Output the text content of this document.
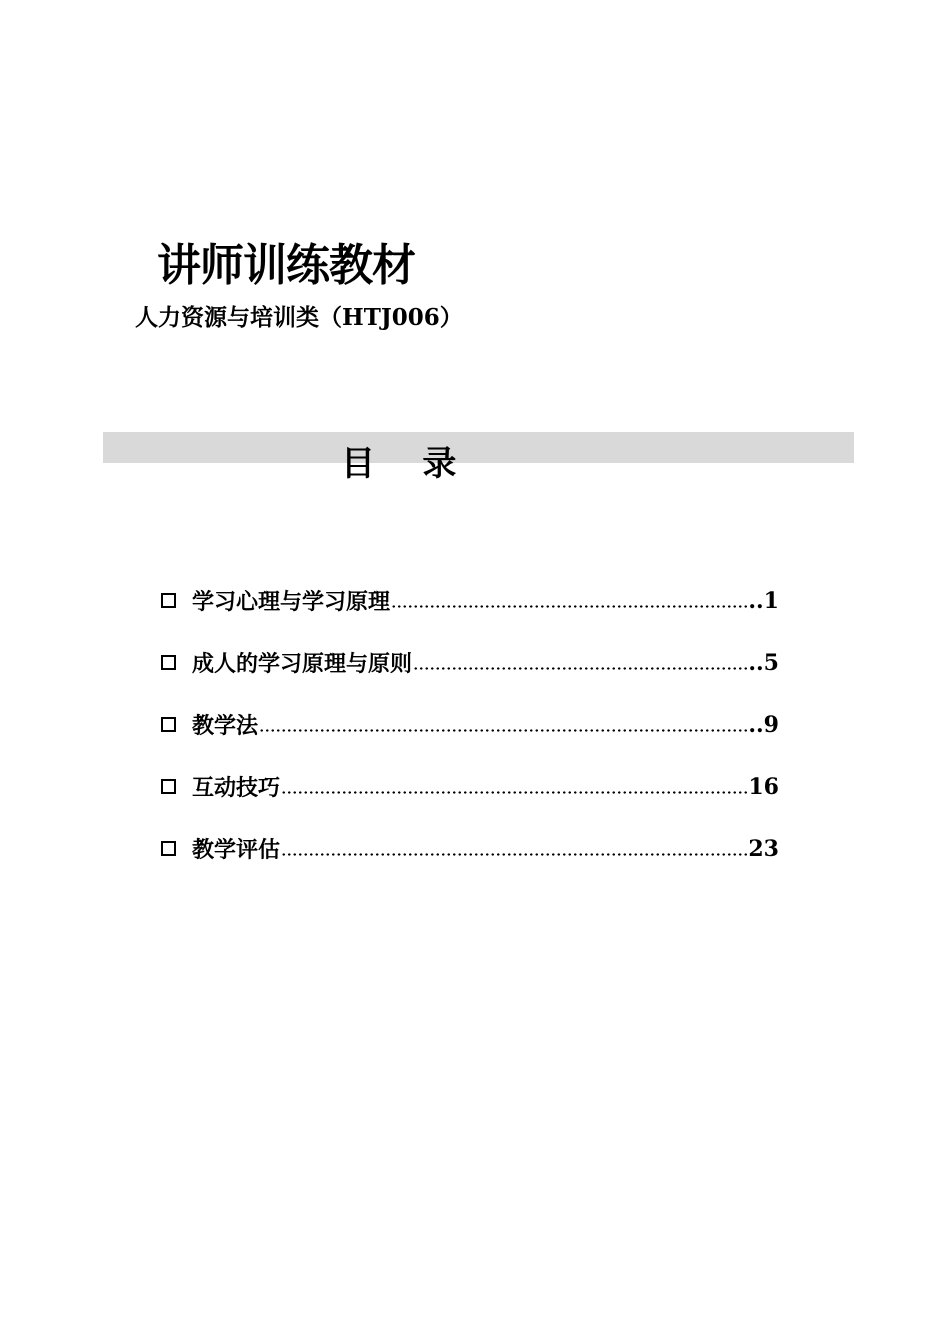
讲师训练教材
人力资源与培训类（HTJ006）
目    录
学习心理与学习原理	..1
成人的学习原理与原则	..5
教学法	..9
互动技巧	16
教学评估	23
